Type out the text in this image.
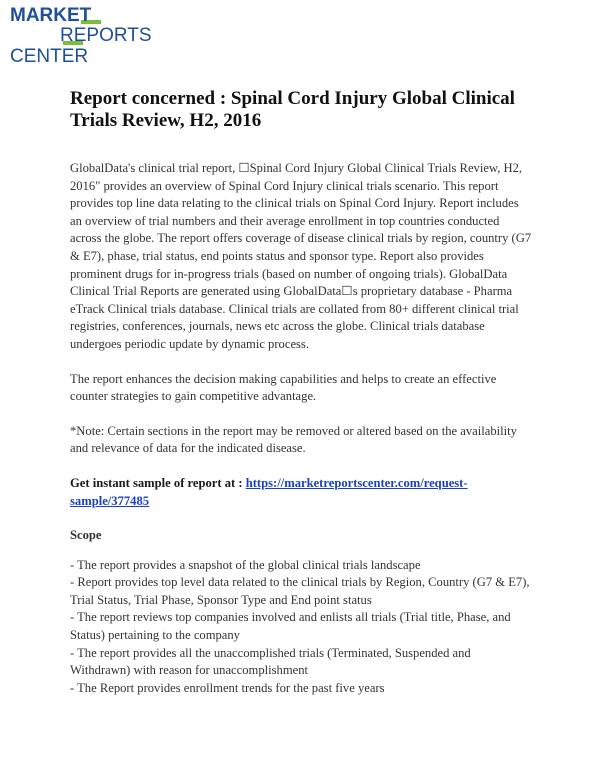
MARKET
REPORTS
CENTER
Report concerned : Spinal Cord Injury Global Clinical Trials Review, H2, 2016

GlobalData's clinical trial report, ☐Spinal Cord Injury Global Clinical Trials Review, H2, 2016" provides an overview of Spinal Cord Injury clinical trials scenario. This report provides top line data relating to the clinical trials on Spinal Cord Injury. Report includes an overview of trial numbers and their average enrollment in top countries conducted across the globe. The report offers coverage of disease clinical trials by region, country (G7 & E7), phase, trial status, end points status and sponsor type. Report also provides prominent drugs for in-progress trials (based on number of ongoing trials). GlobalData Clinical Trial Reports are generated using GlobalData☐s proprietary database - Pharma eTrack Clinical trials database. Clinical trials are collated from 80+ different clinical trial registries, conferences, journals, news etc across the globe. Clinical trials database undergoes periodic update by dynamic process.

The report enhances the decision making capabilities and helps to create an effective counter strategies to gain competitive advantage.

*Note: Certain sections in the report may be removed or altered based on the availability and relevance of data for the indicated disease.

Get instant sample of report at : https://marketreportscenter.com/request-sample/377485

Scope

- The report provides a snapshot of the global clinical trials landscape

- Report provides top level data related to the clinical trials by Region, Country (G7 & E7), Trial Status, Trial Phase, Sponsor Type and End point status

- The report reviews top companies involved and enlists all trials (Trial title, Phase, and Status) pertaining to the company

- The report provides all the unaccomplished trials (Terminated, Suspended and Withdrawn) with reason for unaccomplishment

- The Report provides enrollment trends for the past five years
